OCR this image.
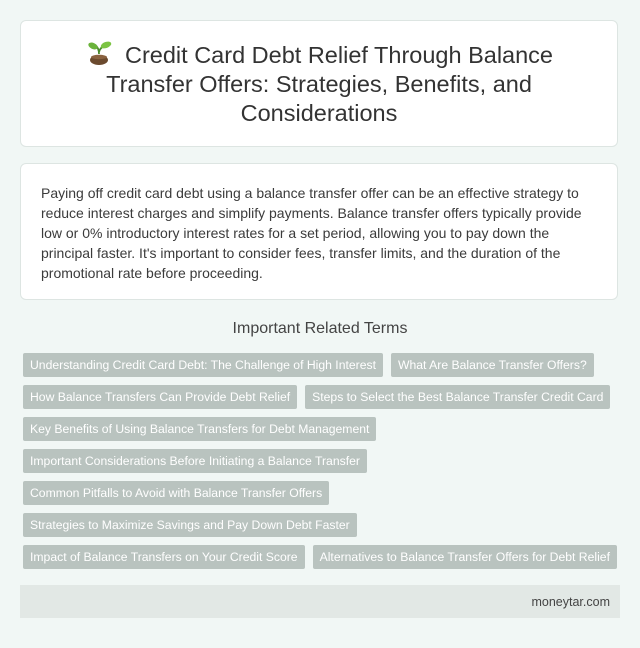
Credit Card Debt Relief Through Balance Transfer Offers: Strategies, Benefits, and Considerations

Paying off credit card debt using a balance transfer offer can be an effective strategy to reduce interest charges and simplify payments. Balance transfer offers typically provide low or 0% introductory interest rates for a set period, allowing you to pay down the principal faster. It's important to consider fees, transfer limits, and the duration of the promotional rate before proceeding.

Important Related Terms
Understanding Credit Card Debt: The Challenge of High Interest	What Are Balance Transfer Offers?
How Balance Transfers Can Provide Debt Relief	Steps to Select the Best Balance Transfer Credit Card
Key Benefits of Using Balance Transfers for Debt Management
Important Considerations Before Initiating a Balance Transfer
Common Pitfalls to Avoid with Balance Transfer Offers
Strategies to Maximize Savings and Pay Down Debt Faster
Impact of Balance Transfers on Your Credit Score	Alternatives to Balance Transfer Offers for Debt Relief
moneytar.com
